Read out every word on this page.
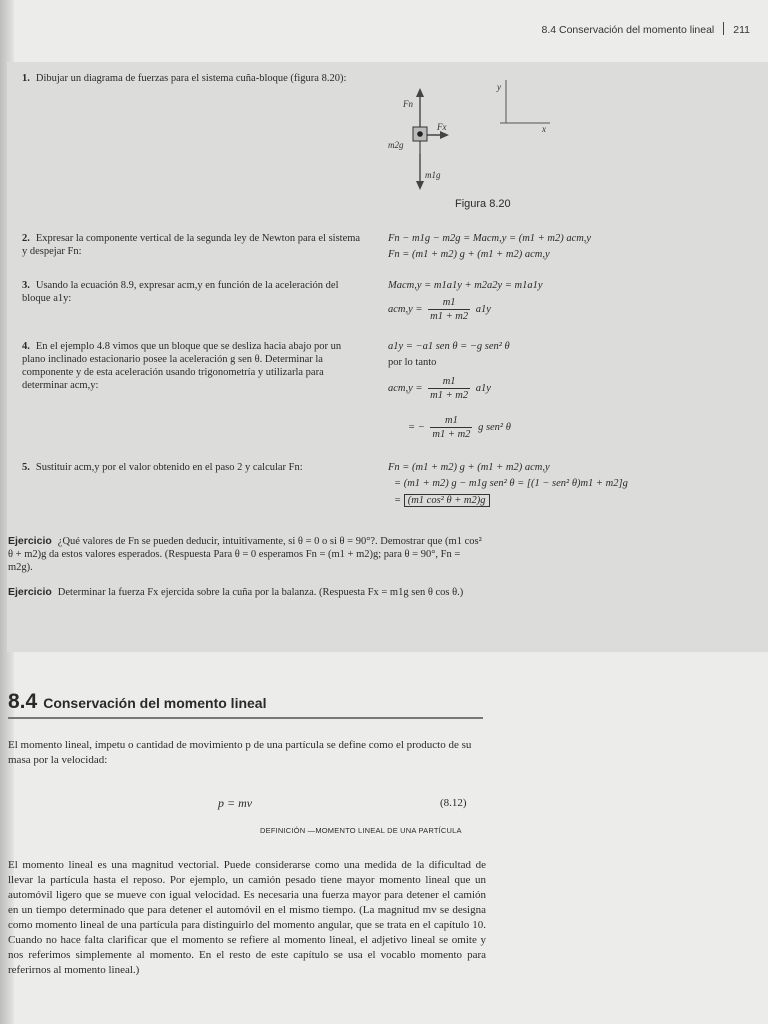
8.4 Conservación del momento lineal 211
1. Dibujar un diagrama de fuerzas para el sistema cuña-bloque (figura 8.20):
2. Expresar la componente vertical de la segunda ley de Newton para el sistema y despejar Fn:
3. Usando la ecuación 8.9, expresar acm,y en función de la aceleración del bloque a1y:
4. En el ejemplo 4.8 vimos que un bloque que se desliza hacia abajo por un plano inclinado estacionario posee la aceleración g sen θ. Determinar la componente y de esta aceleración usando trigonometría y utilizarla para determinar acm,y:
5. Sustituir acm,y por el valor obtenido en el paso 2 y calcular Fn:
Fn
Fx
m2g
m1g
y
x
Figura 8.20
Fn − m1g − m2g = Macm,y = (m1 + m2) acm,y
Fn = (m1 + m2) g + (m1 + m2) acm,y
Macm,y = m1a1y + m2a2y = m1a1y
$acm,y = \frac{m1}{m1 + m2} a1y$
a1y = −a1 sen θ = −g sen² θ
por lo tanto
$acm,y = \frac{m1}{m1 + m2} a1y$
= − $\frac{m1}{m1 + m2}$ g sen² θ
Fn = (m1 + m2) g + (m1 + m2) acm,y
= (m1 + m2) g − m1g sen² θ = [(1 − sen² θ)m1 + m2]g
= (m1 cos² θ + m2)g
Ejercicio ¿Qué valores de Fn se pueden deducir, intuitivamente, si θ = 0 o si θ = 90°?. Demostrar que (m1 cos² θ + m2)g da estos valores esperados. (Respuesta Para θ = 0 esperamos Fn = (m1 + m2)g; para θ = 90°, Fn = m2g).
Ejercicio Determinar la fuerza Fx ejercida sobre la cuña por la balanza. (Respuesta Fx = m1g sen θ cos θ.)
8.4 Conservación del momento lineal
El momento lineal, ímpetu o cantidad de movimiento p de una partícula se define como el producto de su masa por la velocidad:
p = mv	(8.12)
DEFINICIÓN —MOMENTO LINEAL DE UNA PARTÍCULA
El momento lineal es una magnitud vectorial. Puede considerarse como una medida de la dificultad de llevar la partícula hasta el reposo. Por ejemplo, un camión pesado tiene mayor momento lineal que un automóvil ligero que se mueve con igual velocidad. Es necesaria una fuerza mayor para detener el camión en un tiempo determinado que para detener el automóvil en el mismo tiempo. (La magnitud mv se designa como momento lineal de una partícula para distinguirlo del momento angular, que se trata en el capítulo 10. Cuando no hace falta clarificar que el momento se refiere al momento lineal, el adjetivo lineal se omite y nos referimos simplemente al momento. En el resto de este capítulo se usa el vocablo momento para referirnos al momento lineal.)
